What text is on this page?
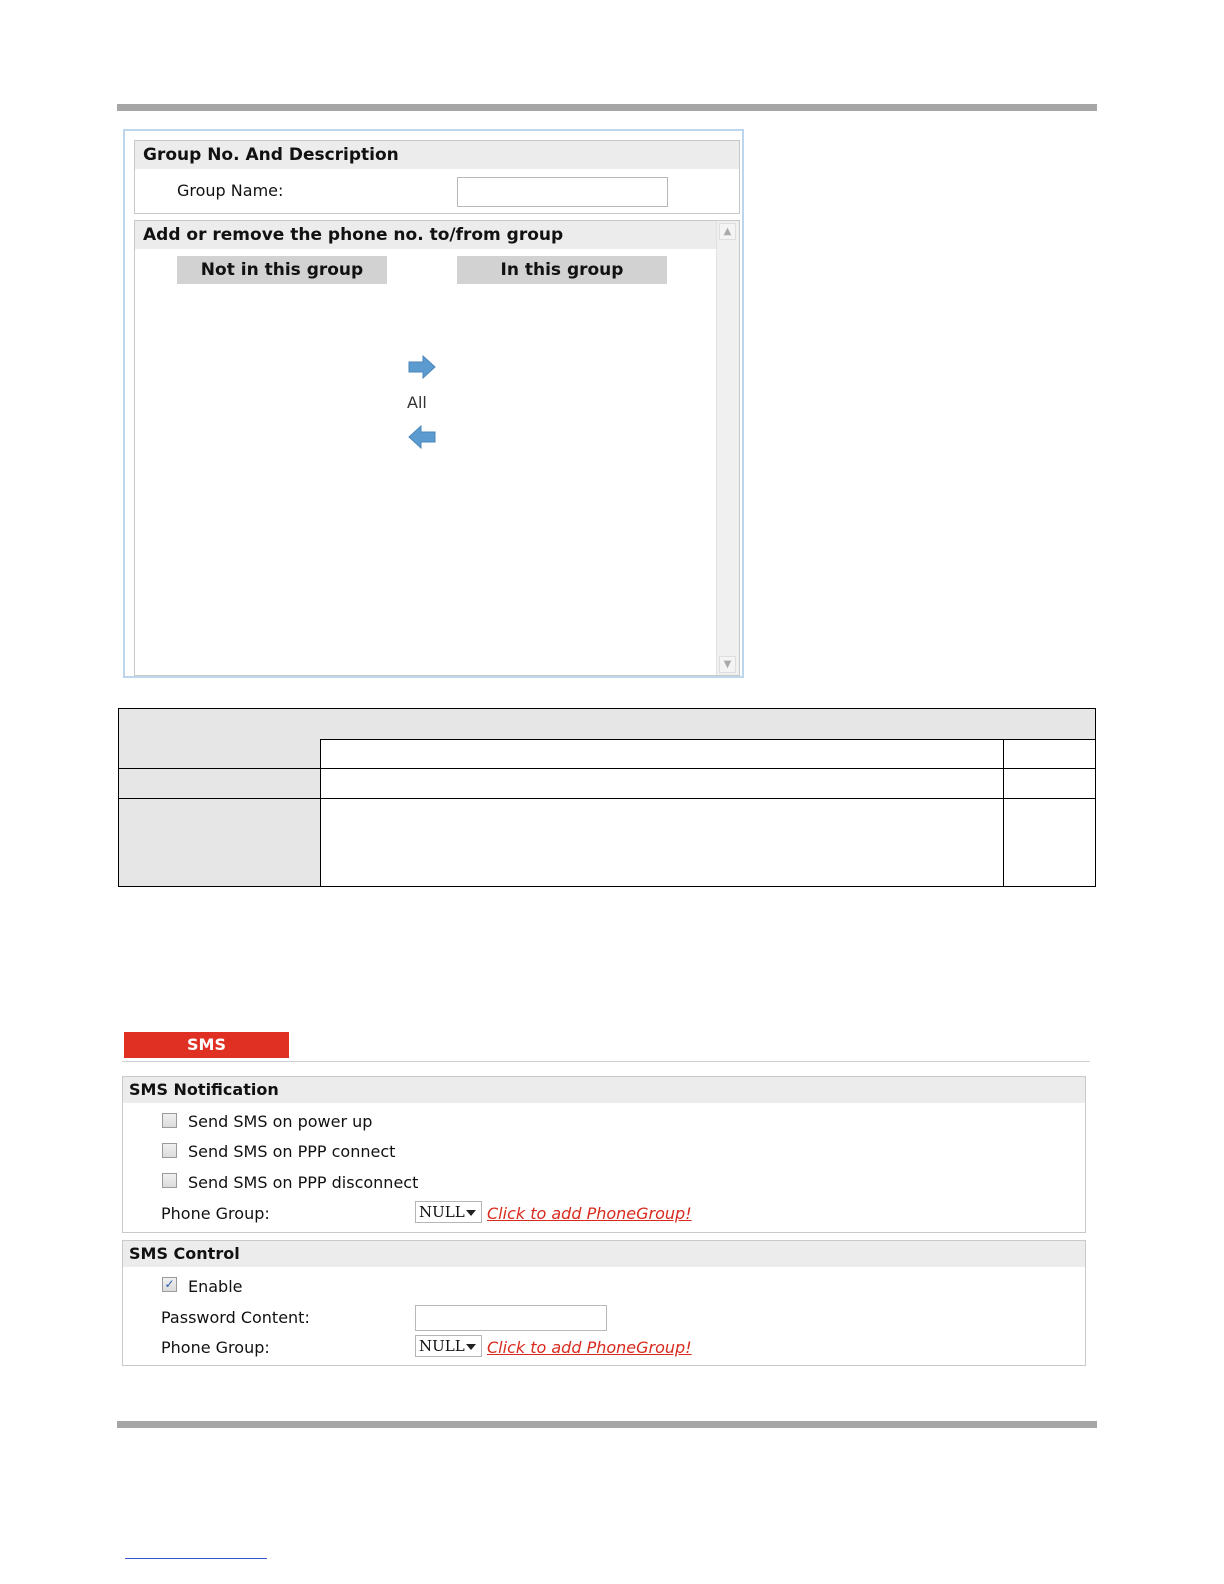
Group No. And Description
Group Name:
Add or remove the phone no. to/from group
Not in this group	In this group
All
▲
▼
SMS
SMS Notification
Send SMS on power up
Send SMS on PPP connect
Send SMS on PPP disconnect
Phone Group:	NULL	Click to add PhoneGroup!
SMS Control
✓ Enable
Password Content:
Phone Group:	NULL	Click to add PhoneGroup!
